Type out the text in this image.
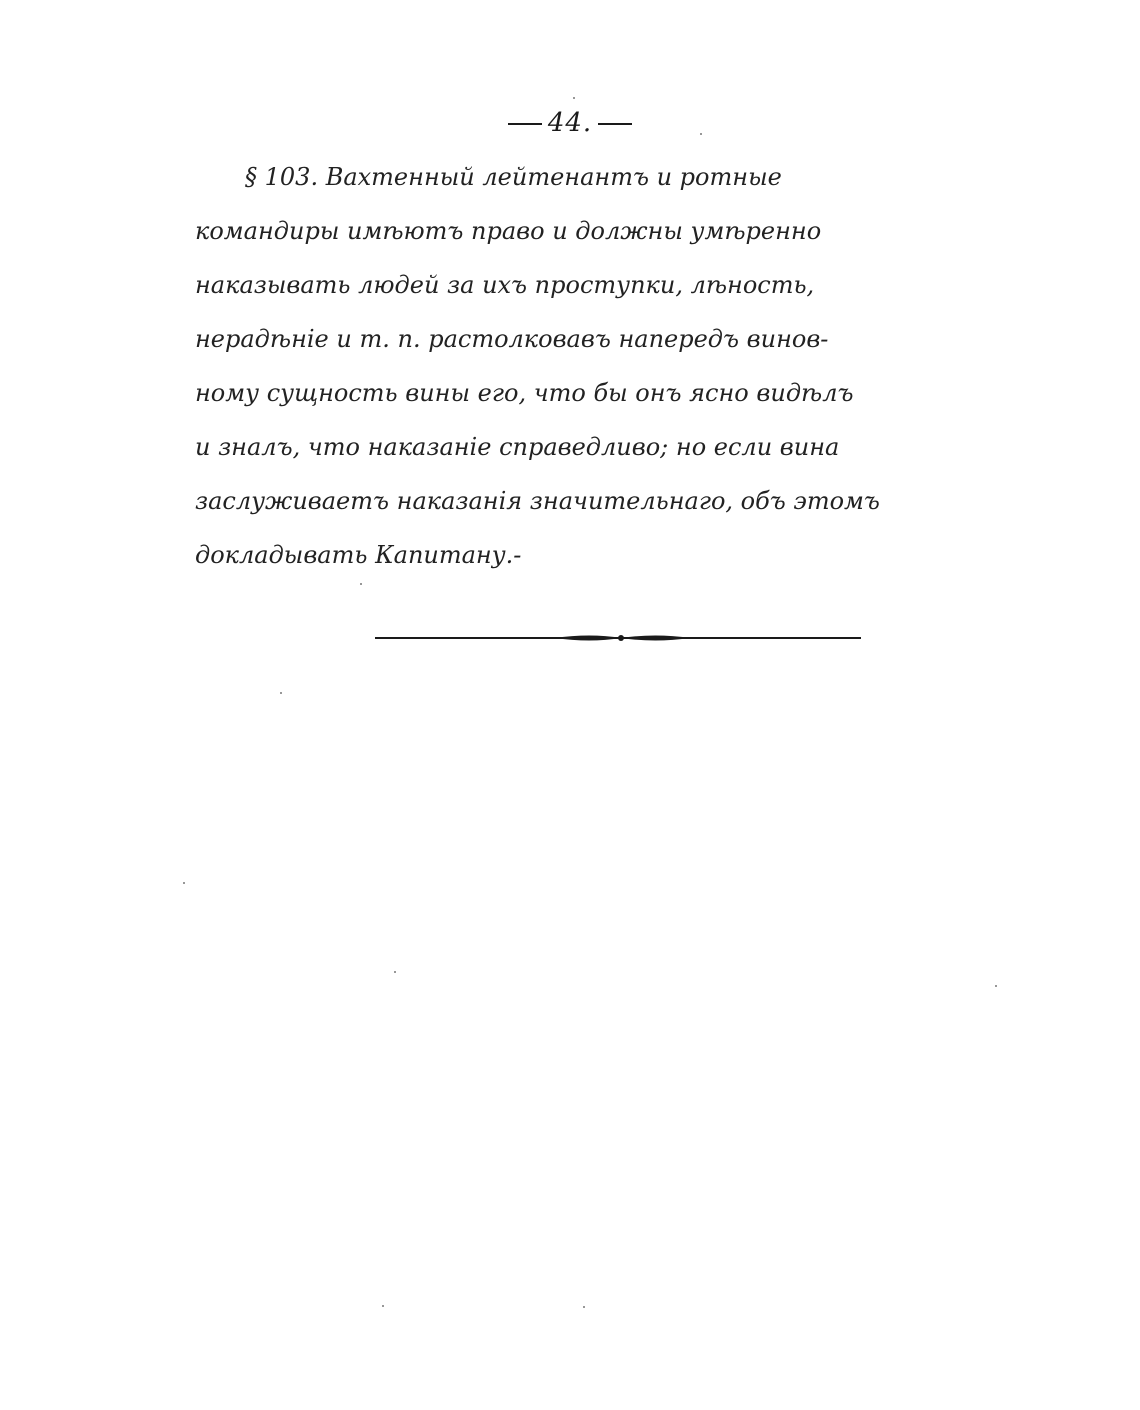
44.
§ 103. Вахтенный лейтенантъ и ротные
командиры имѣютъ право и должны умѣренно
наказывать людей за ихъ проступки, лѣность,
нерадѣніе и т. п. растолковавъ напередъ винов-
ному сущность вины его, что бы онъ ясно видѣлъ
и зналъ, что наказаніе справедливо; но если вина
заслуживаетъ наказанія значительнаго, объ этомъ
докладывать Капитану.-
